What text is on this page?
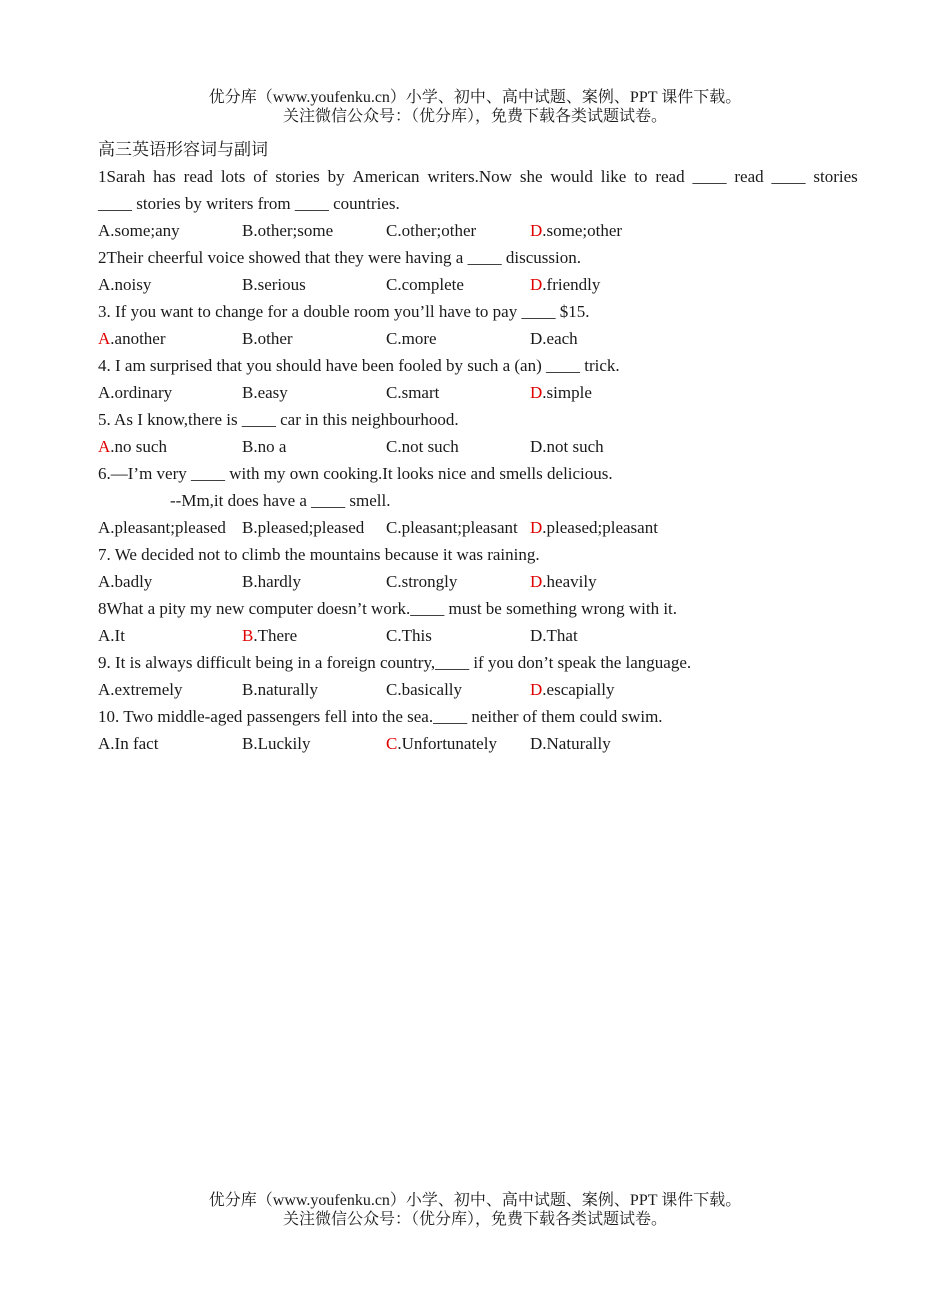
优分库（www.youfenku.cn）小学、初中、高中试题、案例、PPT 课件下载。
关注微信公众号：（优分库），免费下载各类试题试卷。
高三英语形容词与副词
1Sarah has read lots of stories by American writers.Now she would like to read ____ read ____ stories
____ stories by writers from ____ countries.
A.some;any	B.other;some	C.other;other	D.some;other
2Their cheerful voice showed that they were having a ____ discussion.
A.noisy	B.serious	C.complete	D.friendly
3. If you want to change for a double room you’ll have to pay ____ $15.
A.another	B.other	C.more	D.each
4. I am surprised that you should have been fooled by such a (an) ____ trick.
A.ordinary	B.easy	C.smart	D.simple
5. As I know,there is ____ car in this neighbourhood.
A.no such	B.no a	C.not such	D.not such
6.—I’m very ____ with my own cooking.It looks nice and smells delicious.
--Mm,it does have a ____ smell.
A.pleasant;pleased B.pleased;pleased	C.pleasant;pleasant D.pleased;pleasant
7. We decided not to climb the mountains because it was raining.
A.badly	B.hardly	C.strongly	D.heavily
8What a pity my new computer doesn’t work.____ must be something wrong with it.
A.It	B.There	C.This	D.That
9. It is always difficult being in a foreign country,____ if you don’t speak the language.
A.extremely	B.naturally	C.basically	D.escapially
10. Two middle-aged passengers fell into the sea.____ neither of them could swim.
A.In fact	B.Luckily	C.Unfortunately	D.Naturally
优分库（www.youfenku.cn）小学、初中、高中试题、案例、PPT 课件下载。
关注微信公众号：（优分库），免费下载各类试题试卷。
